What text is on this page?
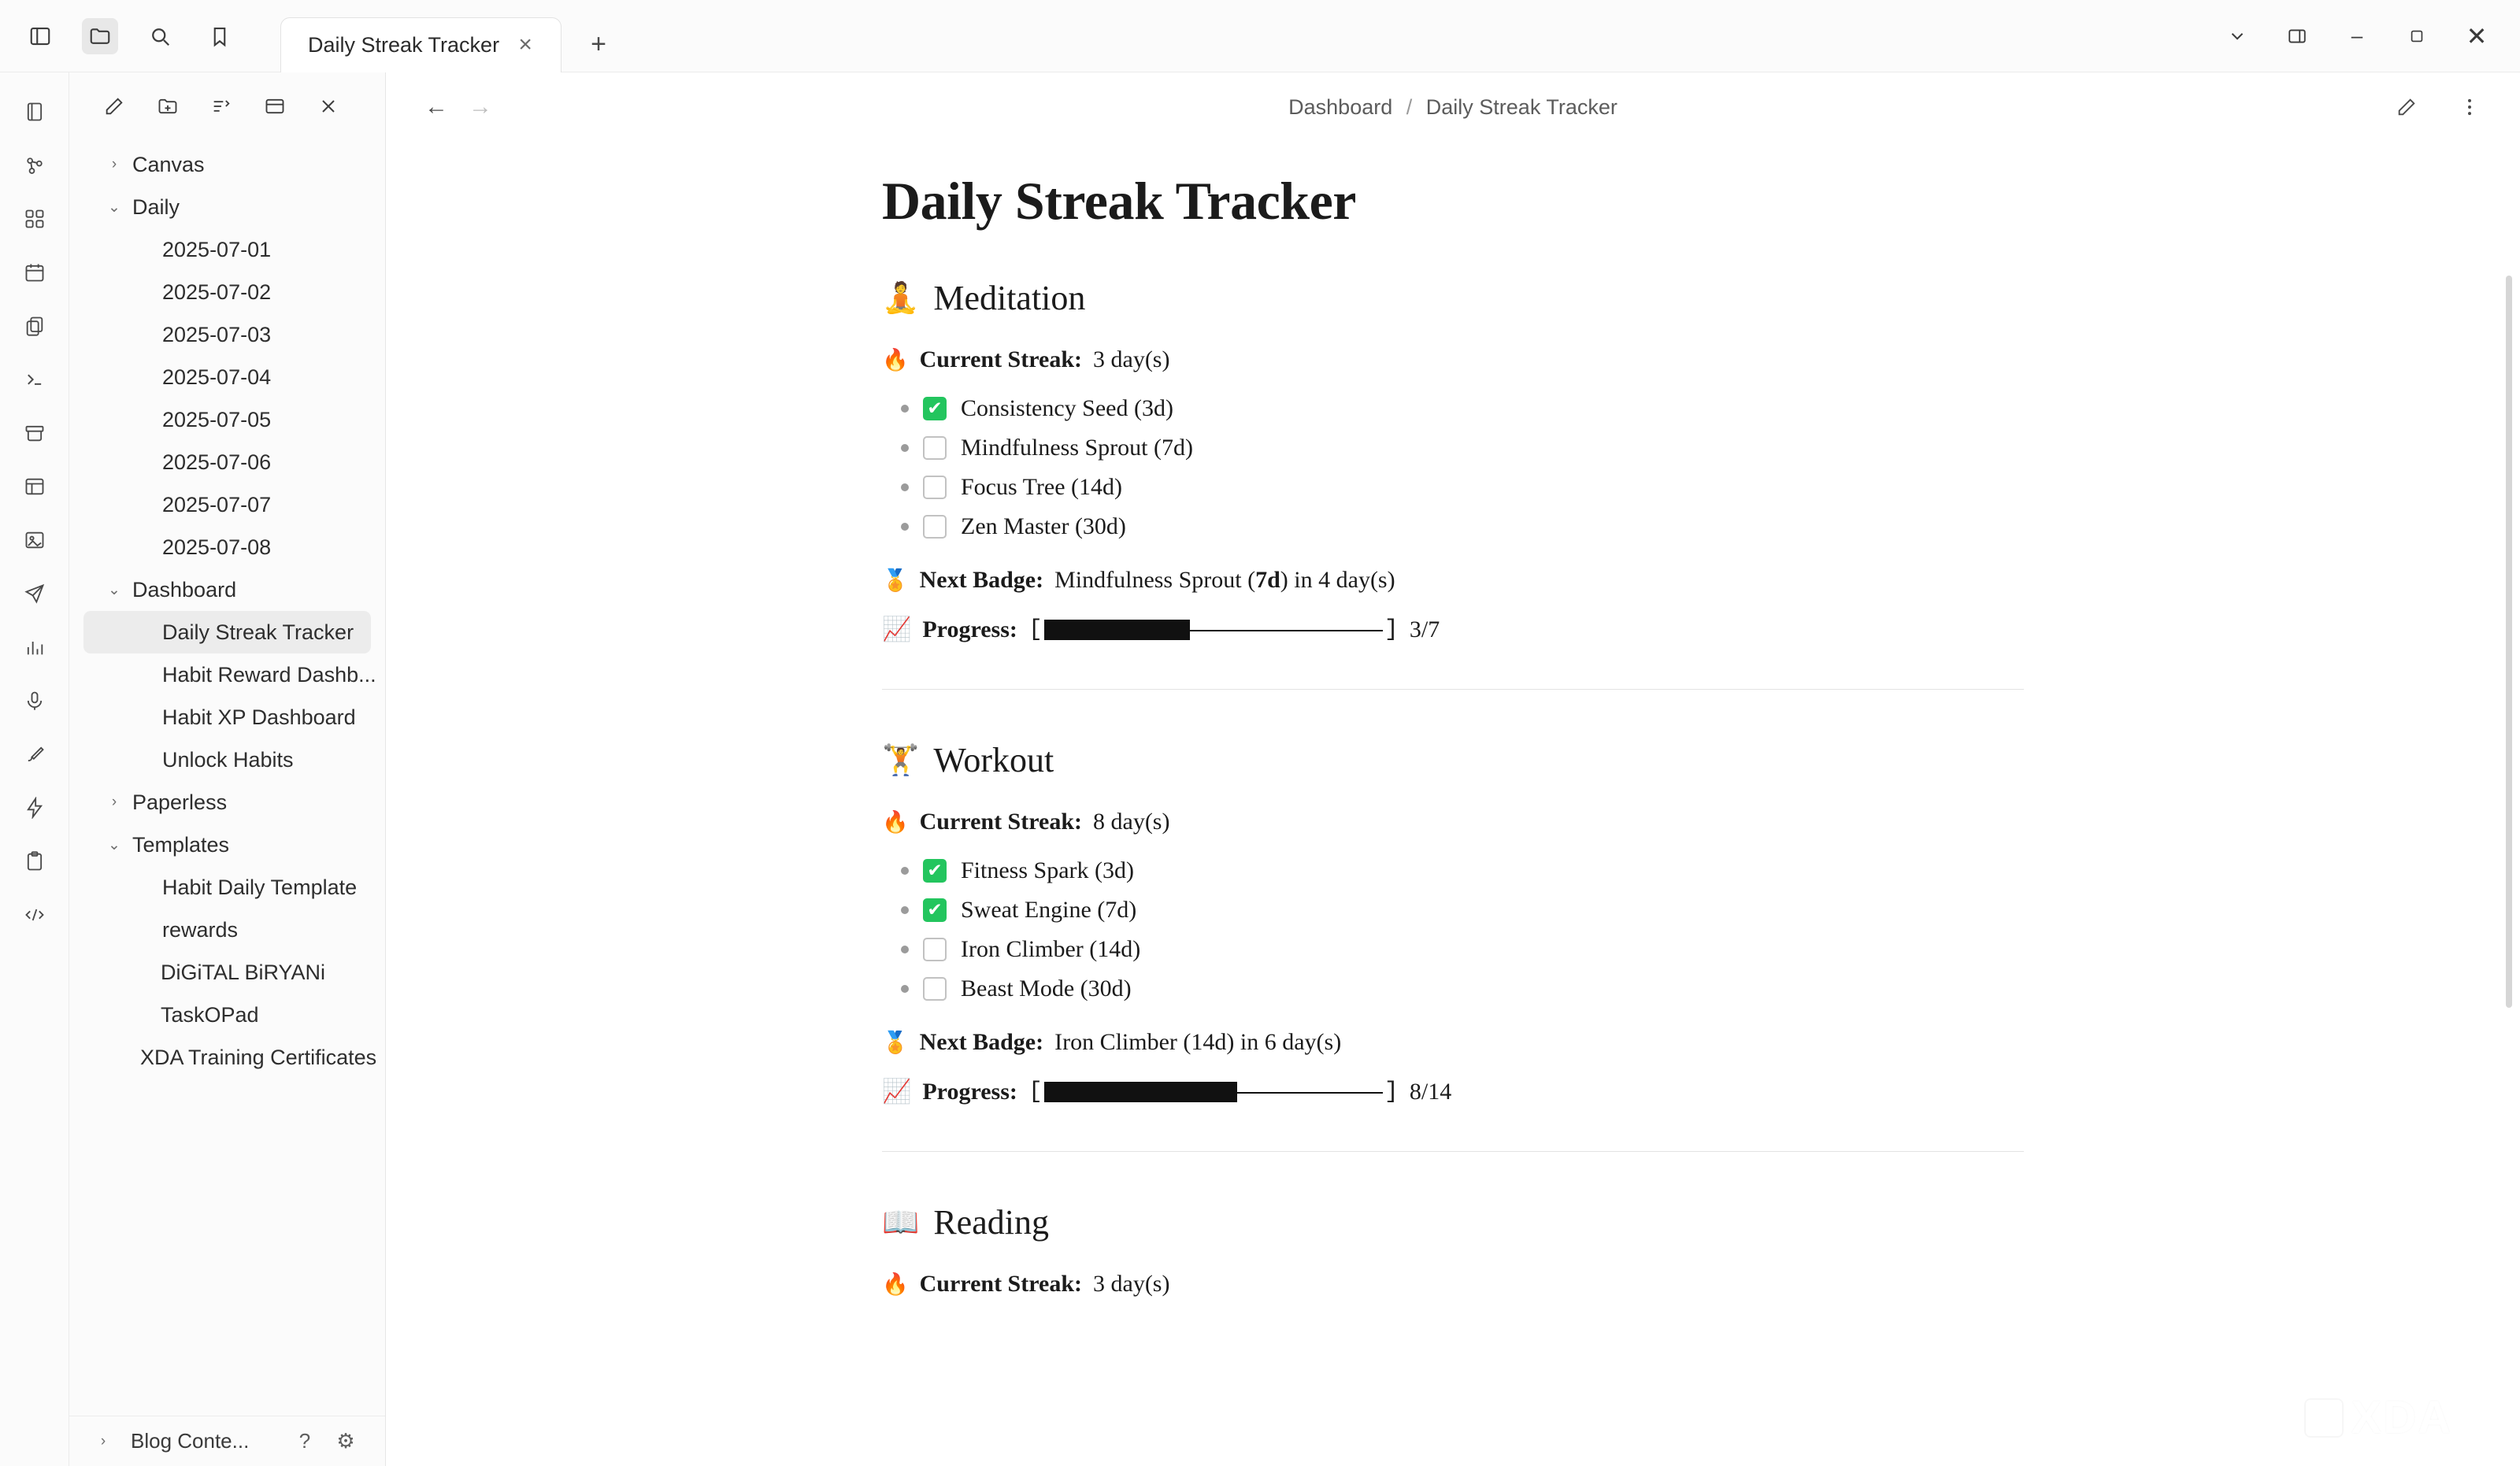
Daily Streak Tracker ×	+	–	✕
› Canvas
⌄ Daily
2025-07-01
2025-07-02
2025-07-03
2025-07-04
2025-07-05
2025-07-06
2025-07-07
2025-07-08
⌄ Dashboard
Daily Streak Tracker
Habit Reward Dashb...
Habit XP Dashboard
Unlock Habits
› Paperless
⌄ Templates
Habit Daily Template
rewards
DiGiTAL BiRYANi
TaskOPad
XDA Training Certificates
›	Blog Conte...	?	⚙
← →	Dashboard / Daily Streak Tracker
Daily Streak Tracker
🧘 Meditation
🔥 Current Streak: 3 day(s)
✔ Consistency Seed (3d)
Mindfulness Sprout (7d)
Focus Tree (14d)
Zen Master (30d)
🏅 Next Badge: Mindfulness Sprout (7d) in 4 day(s)
📈 Progress: [	] 3/7
🏋️ Workout
🔥 Current Streak: 8 day(s)
✔ Fitness Spark (3d)
✔ Sweat Engine (7d)
Iron Climber (14d)
Beast Mode (30d)
🏅 Next Badge: Iron Climber (14d) in 6 day(s)
📈 Progress: [	] 8/14
📖 Reading
🔥 Current Streak: 3 day(s)
XDA
